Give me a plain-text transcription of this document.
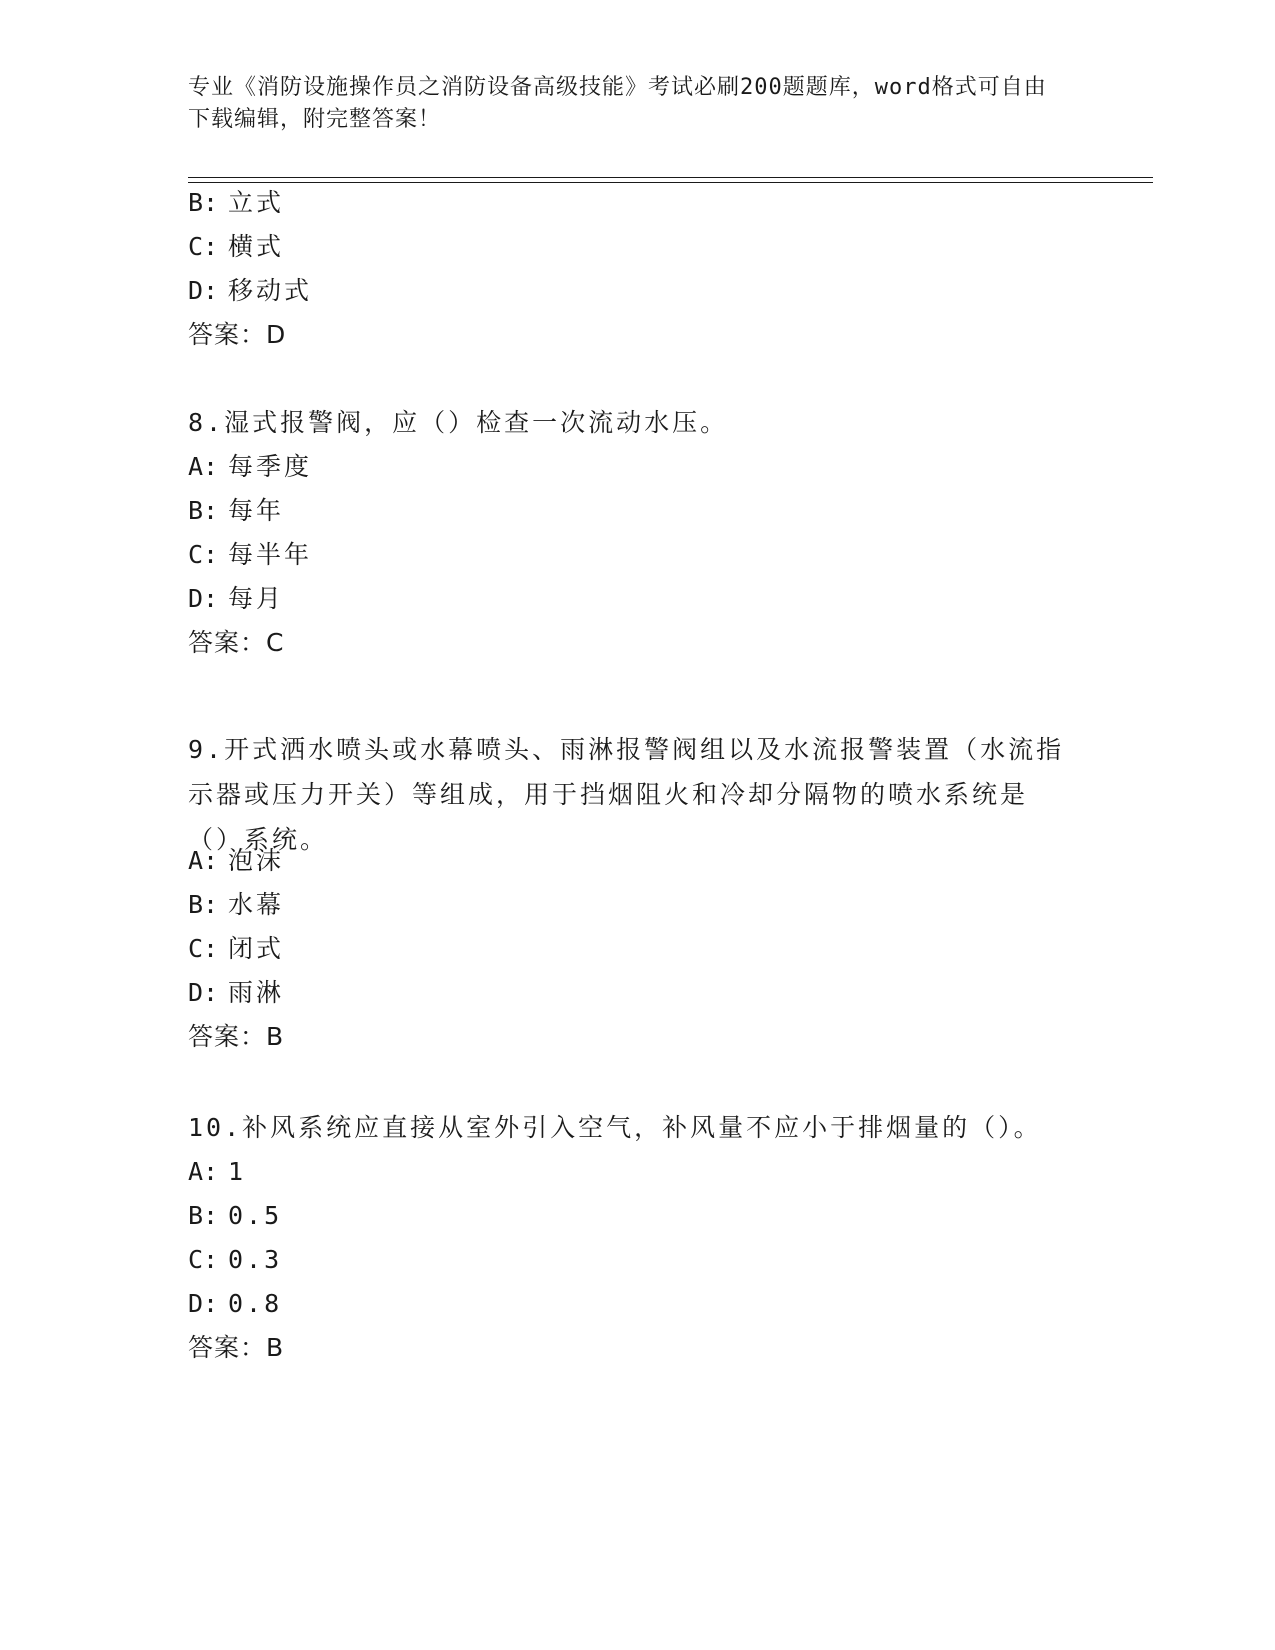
专业《消防设施操作员之消防设备高级技能》考试必刷200题题库，word格式可自由下载编辑，附完整答案！
B: 立式
C: 横式
D: 移动式
答案：D
8.湿式报警阀，应（）检查一次流动水压。
A: 每季度
B: 每年
C: 每半年
D: 每月
答案：C
9.开式洒水喷头或水幕喷头、雨淋报警阀组以及水流报警装置（水流指示器或压力开关）等组成，用于挡烟阻火和冷却分隔物的喷水系统是（）系统。
A: 泡沫
B: 水幕
C: 闭式
D: 雨淋
答案：B
10.补风系统应直接从室外引入空气，补风量不应小于排烟量的（）。
A: 1
B: 0.5
C: 0.3
D: 0.8
答案：B
